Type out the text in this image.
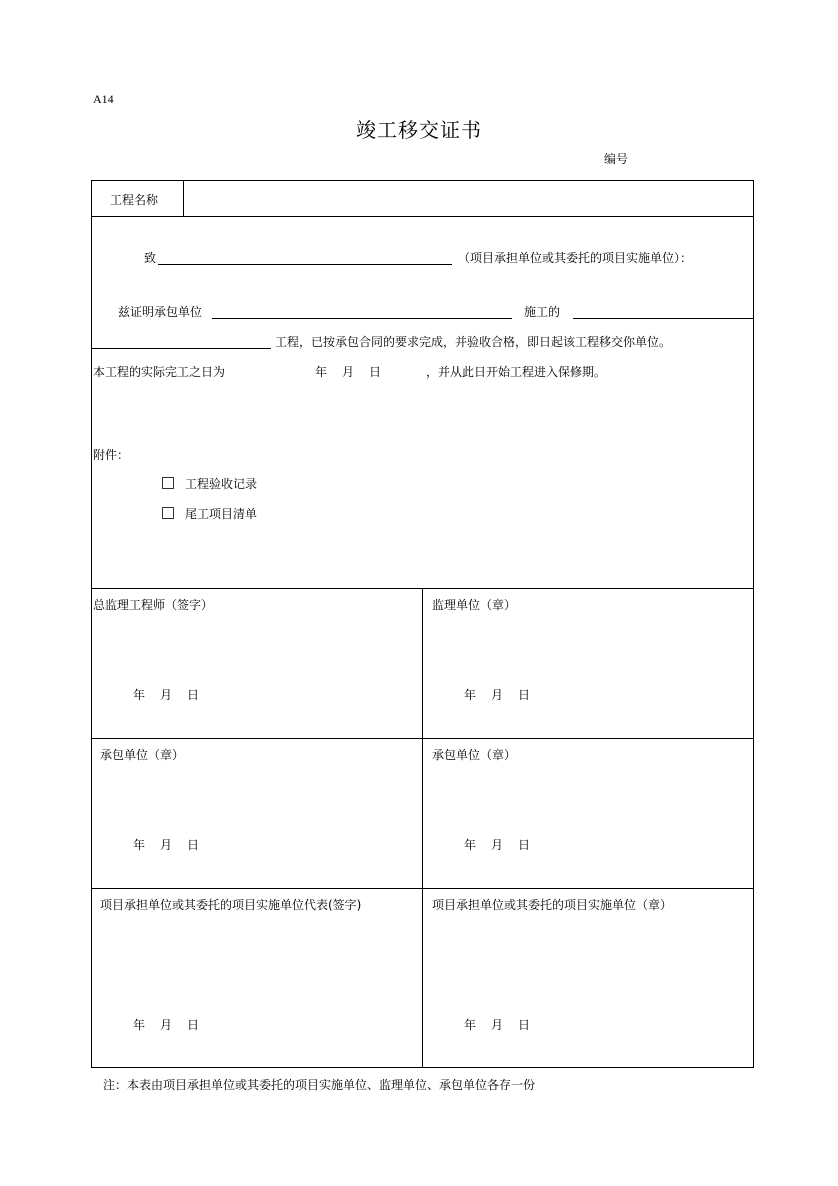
A14
竣工移交证书
编号
工程名称
致	（项目承担单位或其委托的项目实施单位）：
兹证明承包单位	施工的
工程，已按承包合同的要求完成，并验收合格，即日起该工程移交你单位。
本工程的实际完工之日为	年 月 日	，并从此日开始工程进入保修期。
附件：
工程验收记录
尾工项目清单
总监理工程师（签字）	监理单位（章）
年 月 日	年 月 日
承包单位（章）	承包单位（章）
年 月 日	年 月 日
项目承担单位或其委托的项目实施单位代表(签字)	项目承担单位或其委托的项目实施单位（章）
年 月 日	年 月 日
注：本表由项目承担单位或其委托的项目实施单位、监理单位、承包单位各存一份
